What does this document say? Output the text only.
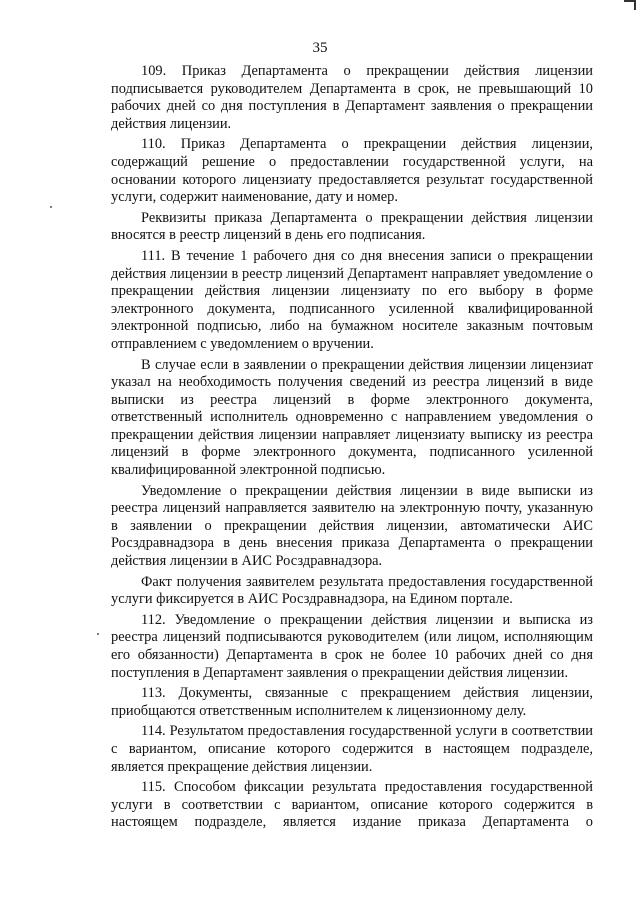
35

109. Приказ Департамента о прекращении действия лицензии подписывается руководителем Департамента в срок, не превышающий 10 рабочих дней со дня поступления в Департамент заявления о прекращении действия лицензии.

110. Приказ Департамента о прекращении действия лицензии, содержащий решение о предоставлении государственной услуги, на основании которого лицензиату предоставляется результат государственной услуги, содержит наименование, дату и номер.

Реквизиты приказа Департамента о прекращении действия лицензии вносятся в реестр лицензий в день его подписания.

111. В течение 1 рабочего дня со дня внесения записи о прекращении действия лицензии в реестр лицензий Департамент направляет уведомление о прекращении действия лицензии лицензиату по его выбору в форме электронного документа, подписанного усиленной квалифицированной электронной подписью, либо на бумажном носителе заказным почтовым отправлением с уведомлением о вручении.

В случае если в заявлении о прекращении действия лицензии лицензиат указал на необходимость получения сведений из реестра лицензий в виде выписки из реестра лицензий в форме электронного документа, ответственный исполнитель одновременно с направлением уведомления о прекращении действия лицензии направляет лицензиату выписку из реестра лицензий в форме электронного документа, подписанного усиленной квалифицированной электронной подписью.

Уведомление о прекращении действия лицензии в виде выписки из реестра лицензий направляется заявителю на электронную почту, указанную в заявлении о прекращении действия лицензии, автоматически АИС Росздравнадзора в день внесения приказа Департамента о прекращении действия лицензии в АИС Росздравнадзора.

Факт получения заявителем результата предоставления государственной услуги фиксируется в АИС Росздравнадзора, на Едином портале.

112. Уведомление о прекращении действия лицензии и выписка из реестра лицензий подписываются руководителем (или лицом, исполняющим его обязанности) Департамента в срок не более 10 рабочих дней со дня поступления в Департамент заявления о прекращении действия лицензии.

113. Документы, связанные с прекращением действия лицензии, приобщаются ответственным исполнителем к лицензионному делу.

114. Результатом предоставления государственной услуги в соответствии с вариантом, описание которого содержится в настоящем подразделе, является прекращение действия лицензии.

115. Способом фиксации результата предоставления государственной услуги в соответствии с вариантом, описание которого содержится в настоящем подразделе, является издание приказа Департамента о
